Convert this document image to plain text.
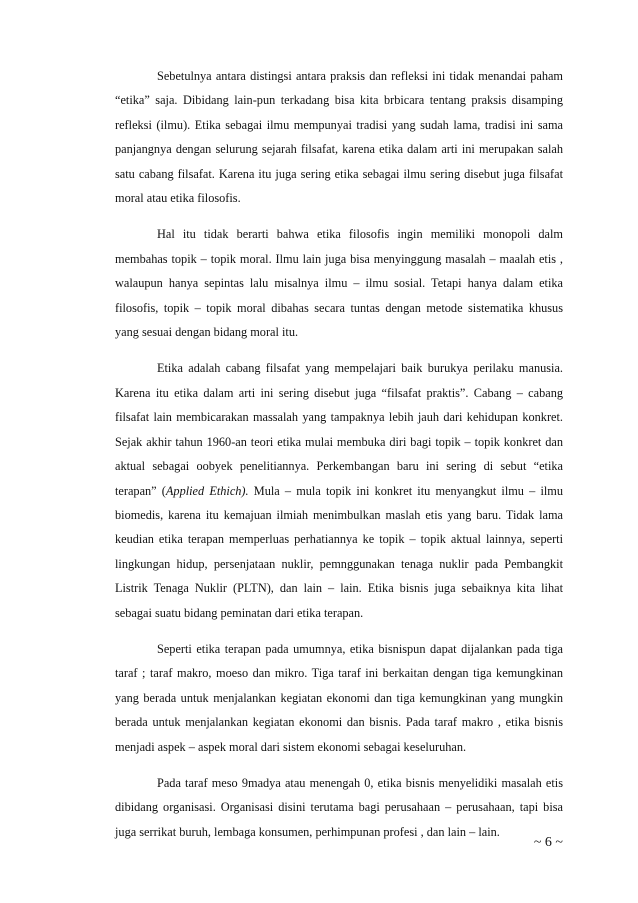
Sebetulnya antara distingsi antara praksis dan refleksi ini tidak menandai paham “etika” saja. Dibidang lain-pun terkadang bisa kita brbicara tentang praksis disamping refleksi (ilmu). Etika sebagai ilmu mempunyai tradisi yang sudah lama, tradisi ini sama panjangnya dengan selurung sejarah filsafat, karena etika dalam arti ini merupakan salah satu cabang filsafat. Karena itu juga sering etika sebagai ilmu sering disebut juga filsafat moral atau etika filosofis.

Hal itu tidak berarti bahwa etika filosofis ingin memiliki monopoli dalm membahas topik – topik moral. Ilmu lain juga bisa menyinggung masalah – maalah etis , walaupun hanya sepintas lalu misalnya ilmu – ilmu sosial. Tetapi hanya dalam etika filosofis, topik – topik moral dibahas secara tuntas dengan metode sistematika khusus yang sesuai dengan bidang moral itu.

Etika adalah cabang filsafat yang mempelajari baik burukya perilaku manusia. Karena itu etika dalam arti ini sering disebut juga “filsafat praktis”. Cabang – cabang filsafat lain membicarakan massalah yang tampaknya lebih jauh dari kehidupan konkret. Sejak akhir tahun 1960-an teori etika mulai membuka diri bagi topik – topik konkret dan aktual sebagai oobyek penelitiannya. Perkembangan baru ini sering di sebut “etika terapan” (Applied Ethich). Mula – mula topik ini konkret itu menyangkut ilmu – ilmu biomedis, karena itu kemajuan ilmiah menimbulkan maslah etis yang baru. Tidak lama keudian etika terapan memperluas perhatiannya ke topik – topik aktual lainnya, seperti lingkungan hidup, persenjataan nuklir, pemnggunakan tenaga nuklir pada Pembangkit Listrik Tenaga Nuklir (PLTN), dan lain – lain. Etika bisnis juga sebaiknya kita lihat sebagai suatu bidang peminatan dari etika terapan.

Seperti etika terapan pada umumnya, etika bisnispun dapat dijalankan pada tiga taraf ; taraf makro, moeso dan mikro. Tiga taraf ini berkaitan dengan tiga kemungkinan yang berada untuk menjalankan kegiatan ekonomi dan tiga kemungkinan yang mungkin berada untuk menjalankan kegiatan ekonomi dan bisnis. Pada taraf makro , etika bisnis menjadi aspek – aspek moral dari sistem ekonomi sebagai keseluruhan.

Pada taraf meso 9madya atau menengah 0, etika bisnis menyelidiki masalah etis dibidang organisasi. Organisasi disini terutama bagi perusahaan – perusahaan, tapi bisa juga serrikat buruh, lembaga konsumen, perhimpunan profesi , dan lain – lain.

~ 6 ~
